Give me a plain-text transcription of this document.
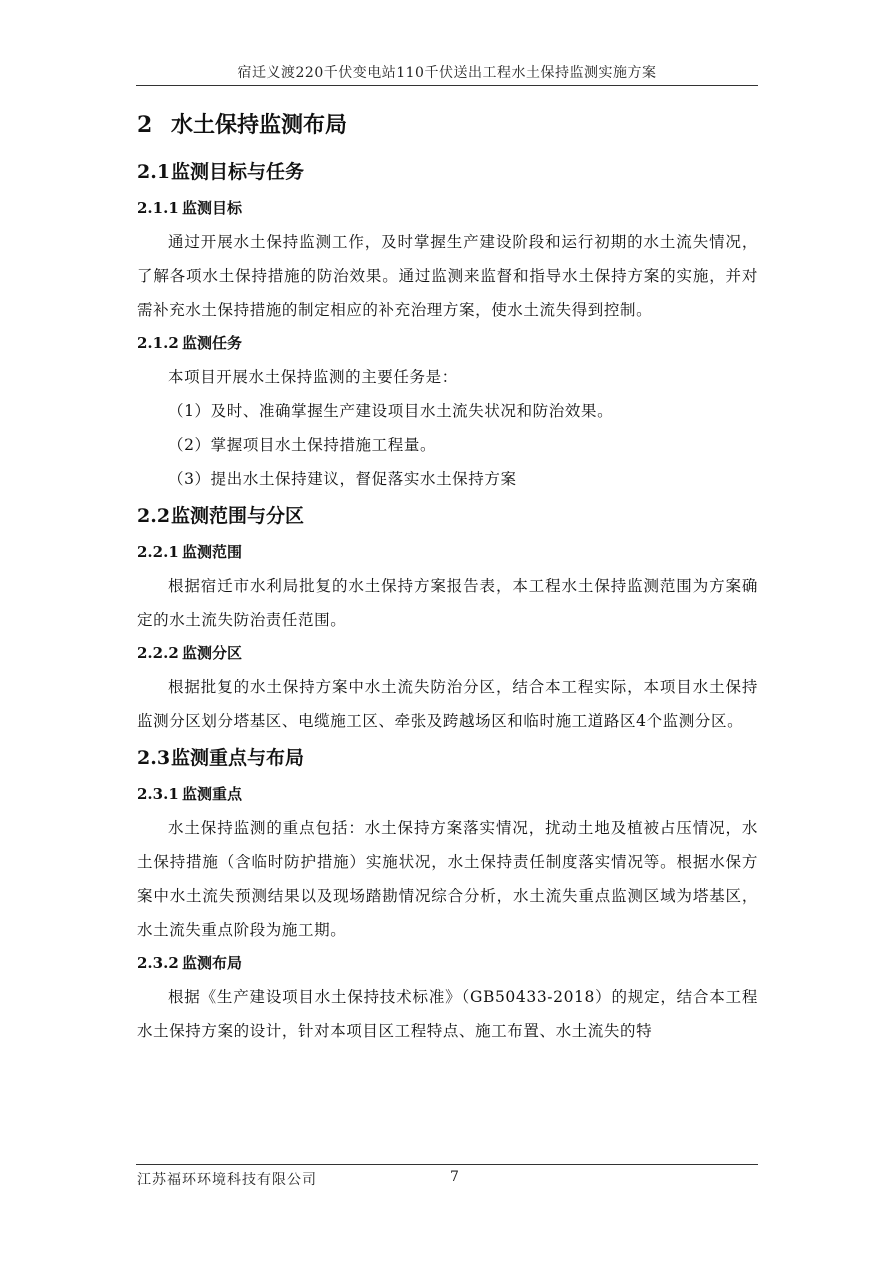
宿迁义渡220千伏变电站110千伏送出工程水土保持监测实施方案
2 水土保持监测布局
2.1监测目标与任务
2.1.1 监测目标

通过开展水土保持监测工作，及时掌握生产建设阶段和运行初期的水土流失情况，了解各项水土保持措施的防治效果。通过监测来监督和指导水土保持方案的实施，并对需补充水土保持措施的制定相应的补充治理方案，使水土流失得到控制。

2.1.2 监测任务

本项目开展水土保持监测的主要任务是：

（1）及时、准确掌握生产建设项目水土流失状况和防治效果。

（2）掌握项目水土保持措施工程量。

（3）提出水土保持建议，督促落实水土保持方案

2.2监测范围与分区
2.2.1 监测范围

根据宿迁市水利局批复的水土保持方案报告表，本工程水土保持监测范围为方案确定的水土流失防治责任范围。

2.2.2 监测分区

根据批复的水土保持方案中水土流失防治分区，结合本工程实际，本项目水土保持监测分区划分塔基区、电缆施工区、牵张及跨越场区和临时施工道路区4个监测分区。

2.3监测重点与布局
2.3.1 监测重点

水土保持监测的重点包括：水土保持方案落实情况，扰动土地及植被占压情况，水土保持措施（含临时防护措施）实施状况，水土保持责任制度落实情况等。根据水保方案中水土流失预测结果以及现场踏勘情况综合分析，水土流失重点监测区域为塔基区，水土流失重点阶段为施工期。

2.3.2 监测布局

根据《生产建设项目水土保持技术标准》（GB50433-2018）的规定，结合本工程水土保持方案的设计，针对本项目区工程特点、施工布置、水土流失的特

江苏福环环境科技有限公司	7
